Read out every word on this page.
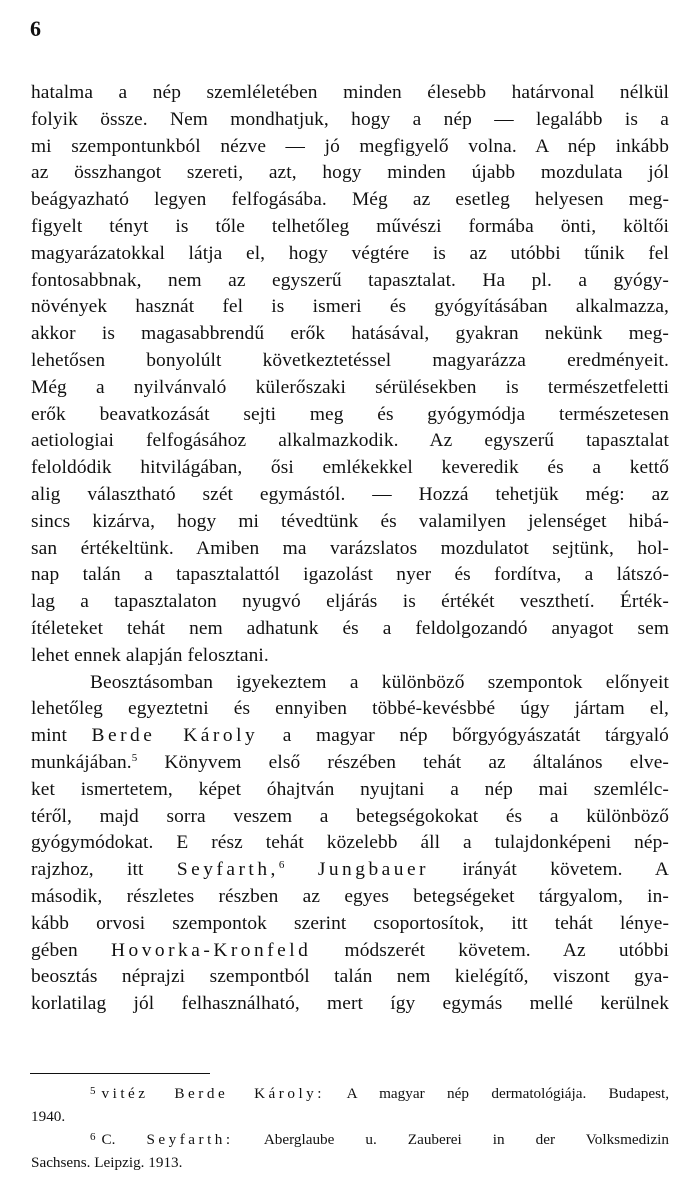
6
hatalma a nép szemléletében minden élesebb határvonal nélkül
folyik össze. Nem mondhatjuk, hogy a nép — legalább is a
mi szempontunkból nézve — jó megfigyelő volna. A nép inkább
az összhangot szereti, azt, hogy minden újabb mozdulata jól
beágyazható legyen felfogásába. Még az esetleg helyesen meg-
figyelt tényt is tőle telhetőleg művészi formába önti, költői
magyarázatokkal látja el, hogy végtére is az utóbbi tűnik fel
fontosabbnak, nem az egyszerű tapasztalat. Ha pl. a gyógy-
növények hasznát fel is ismeri és gyógyításában alkalmazza,
akkor is magasabbrendű erők hatásával, gyakran nekünk meg-
lehetősen bonyolúlt következtetéssel magyarázza eredményeit.
Még a nyilvánvaló külerőszaki sérülésekben is természetfeletti
erők beavatkozását sejti meg és gyógymódja természetesen
aetiologiai felfogásához alkalmazkodik. Az egyszerű tapasztalat
feloldódik hitvilágában, ősi emlékekkel keveredik és a kettő
alig választható szét egymástól. — Hozzá tehetjük még: az
sincs kizárva, hogy mi tévedtünk és valamilyen jelenséget hibá-
san értékeltünk. Amiben ma varázslatos mozdulatot sejtünk, hol-
nap talán a tapasztalattól igazolást nyer és fordítva, a látszó-
lag a tapasztalaton nyugvó eljárás is értékét veszthetí. Érték-
ítéleteket tehát nem adhatunk és a feldolgozandó anyagot sem
lehet ennek alapján felosztani.
Beosztásomban igyekeztem a különböző szempontok előnyeit
lehetőleg egyeztetni és ennyiben többé-kevésbbé úgy jártam el,
mint Berde Károly a magyar nép bőrgyógyászatát tárgyaló
munkájában.$^5$ Könyvem első részében tehát az általános elve-
ket ismertetem, képet óhajtván nyujtani a nép mai szemlélc-
téről, majd sorra veszem a betegségokokat és a különböző
gyógymódokat. E rész tehát közelebb áll a tulajdonképeni nép-
rajzhoz, itt Seyfarth,$^6$ Jungbauer irányát követem. A
második, részletes részben az egyes betegségeket tárgyalom, in-
kább orvosi szempontok szerint csoportosítok, itt tehát lénye-
gében Hovorka-Kronfeld módszerét követem. Az utóbbi
beosztás néprajzi szempontból talán nem kielégítő, viszont gya-
korlatilag jól felhasználható, mert így egymás mellé kerülnek
$^5$ vitéz Berde Károly: A magyar nép dermatológiája. Budapest,
1940.
$^6$ C. Seyfarth: Aberglaube u. Zauberei in der Volksmedizin
Sachsens. Leipzig. 1913.
